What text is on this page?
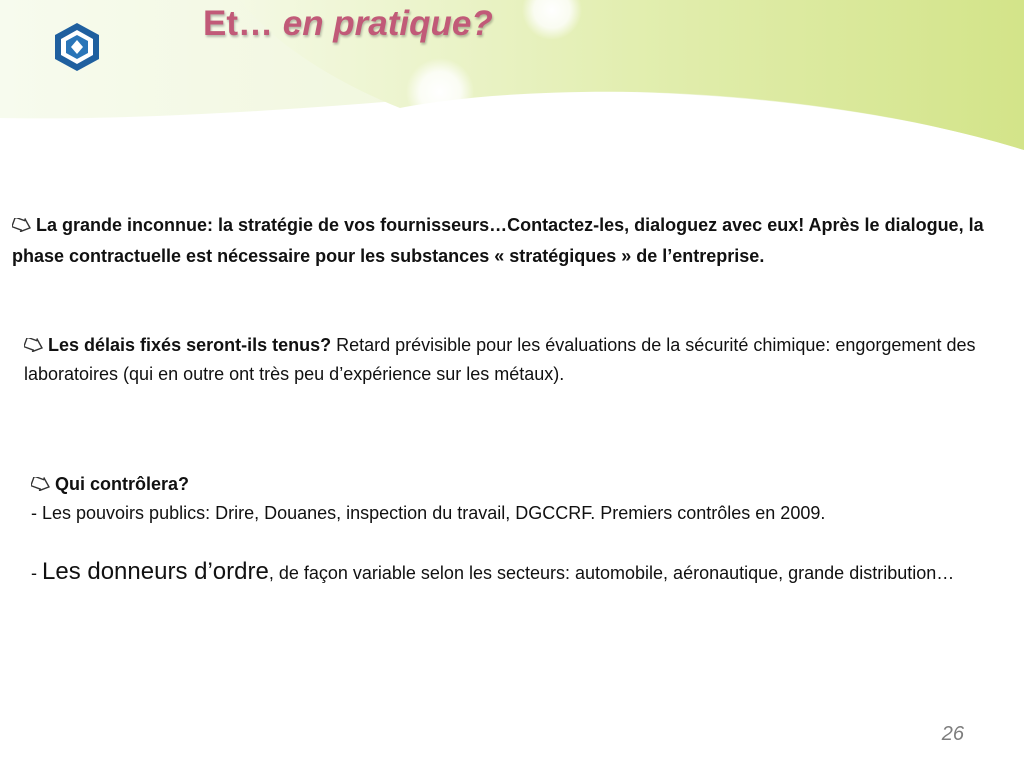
Et… en pratique?
La grande inconnue: la stratégie de vos fournisseurs…Contactez-les, dialoguez avec eux! Après le dialogue, la phase contractuelle est nécessaire pour les substances « stratégiques » de l’entreprise.
Les délais fixés seront-ils tenus? Retard prévisible pour les évaluations de la sécurité chimique: engorgement des laboratoires (qui en outre ont très peu d’expérience sur les métaux).
Qui contrôlera?
- Les pouvoirs publics: Drire, Douanes, inspection du travail, DGCCRF. Premiers contrôles en 2009.
- Les donneurs d’ordre, de façon variable selon les secteurs: automobile, aéronautique, grande distribution…
26
